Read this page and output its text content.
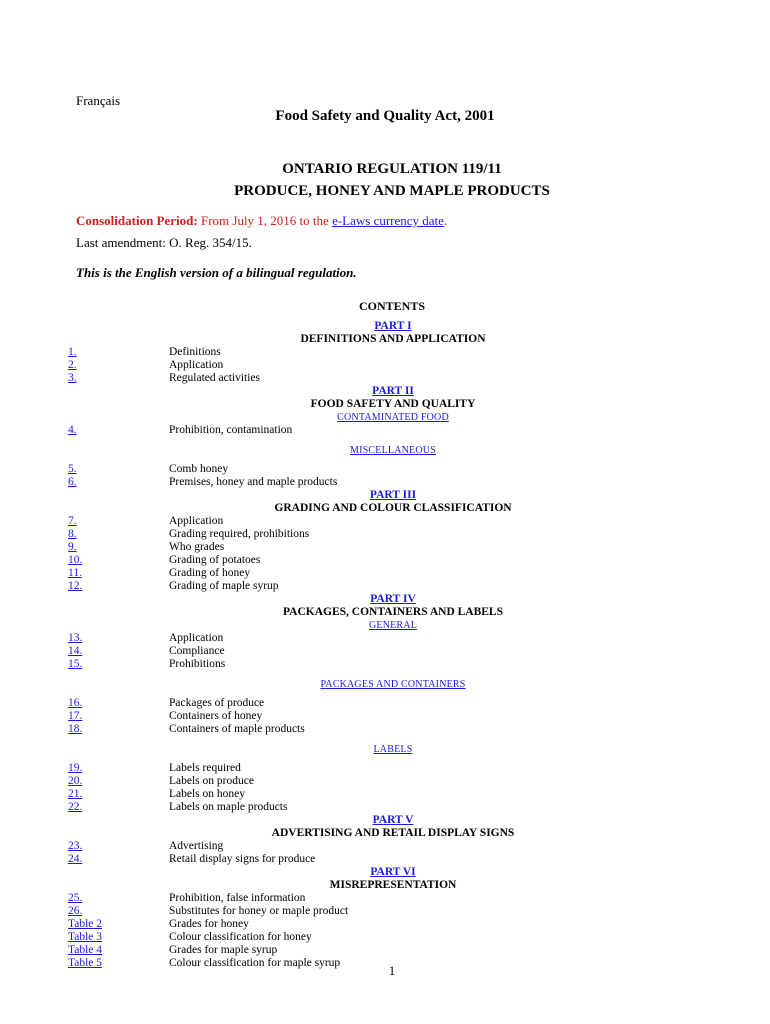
Français
Food Safety and Quality Act, 2001
ONTARIO REGULATION 119/11
PRODUCE, HONEY AND MAPLE PRODUCTS
Consolidation Period: From July 1, 2016 to the e-Laws currency date.
Last amendment: O. Reg. 354/15.
This is the English version of a bilingual regulation.
CONTENTS
PART I
DEFINITIONS AND APPLICATION
1.	Definitions
2.	Application
3.	Regulated activities
PART II
FOOD SAFETY AND QUALITY
CONTAMINATED FOOD
4.	Prohibition, contamination
MISCELLANEOUS
5.	Comb honey
6.	Premises, honey and maple products
PART III
GRADING AND COLOUR CLASSIFICATION
7.	Application
8.	Grading required, prohibitions
9.	Who grades
10.	Grading of potatoes
11.	Grading of honey
12.	Grading of maple syrup
PART IV
PACKAGES, CONTAINERS AND LABELS
GENERAL
13.	Application
14.	Compliance
15.	Prohibitions
PACKAGES AND CONTAINERS
16.	Packages of produce
17.	Containers of honey
18.	Containers of maple products
LABELS
19.	Labels required
20.	Labels on produce
21.	Labels on honey
22.	Labels on maple products
PART V
ADVERTISING AND RETAIL DISPLAY SIGNS
23.	Advertising
24.	Retail display signs for produce
PART VI
MISREPRESENTATION
25.	Prohibition, false information
26.	Substitutes for honey or maple product
Table 2	Grades for honey
Table 3	Colour classification for honey
Table 4	Grades for maple syrup
Table 5	Colour classification for maple syrup	1
